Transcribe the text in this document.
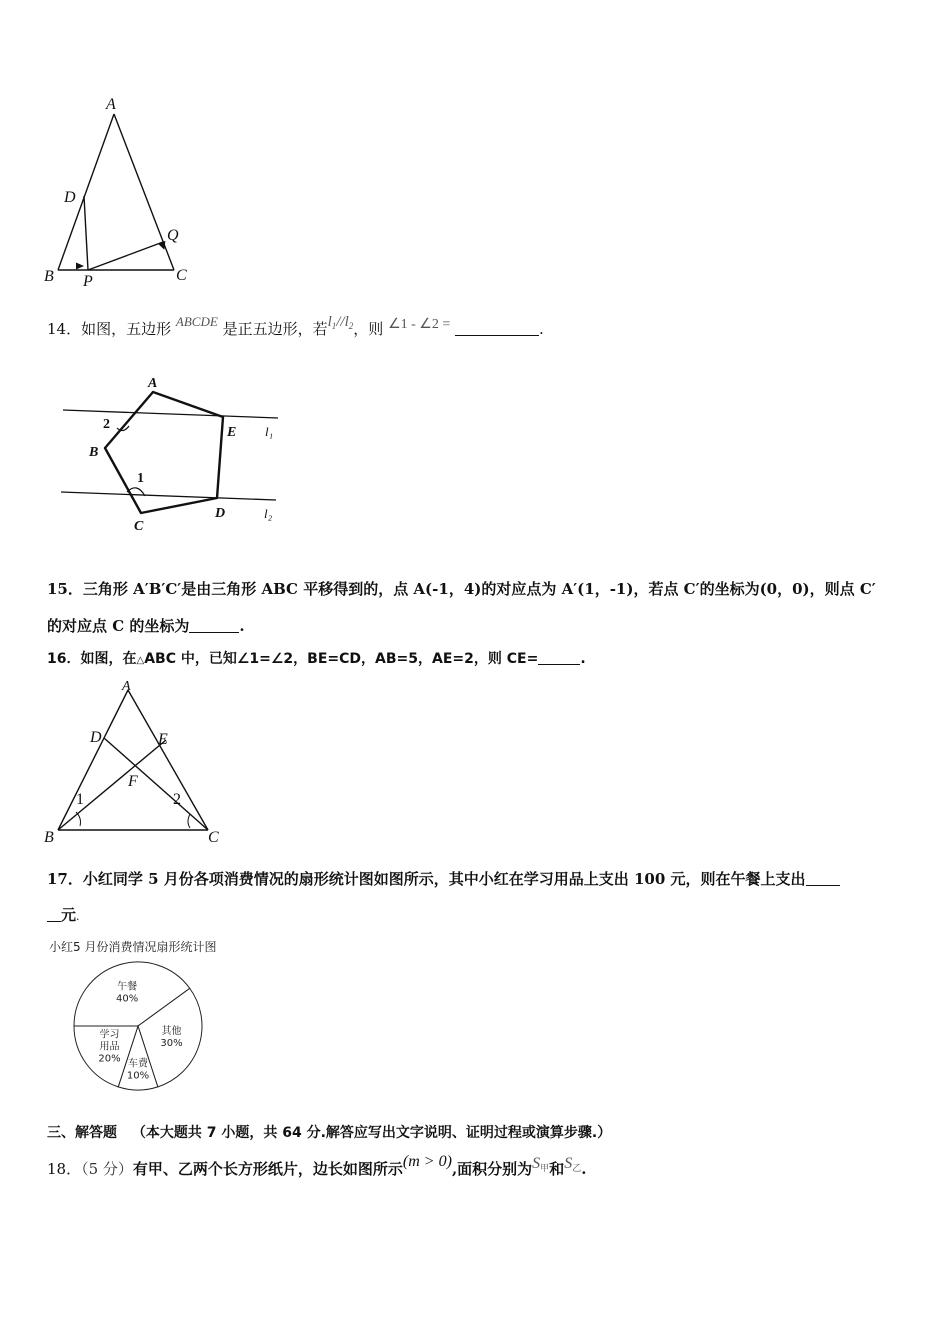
A
D
Q
B P	C
14．如图，五边形 ABCDE 是正五边形，若$l_1//l_2$，则 ∠1 - ∠2 =	.
A
E l₁
2
B
1
D	l₂
C
15．三角形 A′B′C′是由三角形 ABC 平移得到的，点 A(-1，4)的对应点为 A′(1，-1)，若点 C′的坐标为(0，0)，则点 C′
的对应点 C 的坐标为	.
16．如图，在△ABC 中，已知∠1=∠2，BE=CD，AB=5，AE=2，则 CE=	.
A
D	E
F
1	2
B	C
17．小红同学 5 月份各项消费情况的扇形统计图如图所示，其中小红在学习用品上支出 100 元，则在午餐上支出
元.
小红5 月份消费情况扇形统计图
午餐
40%
其他
30%
车费
10%
学习
用品
20%
三、解答题 （本大题共 7 小题，共 64 分.解答应写出文字说明、证明过程或演算步骤.）
18．（5 分）有甲、乙两个长方形纸片，边长如图所示(m > 0),面积分别为$S_甲$和$S_乙$.
